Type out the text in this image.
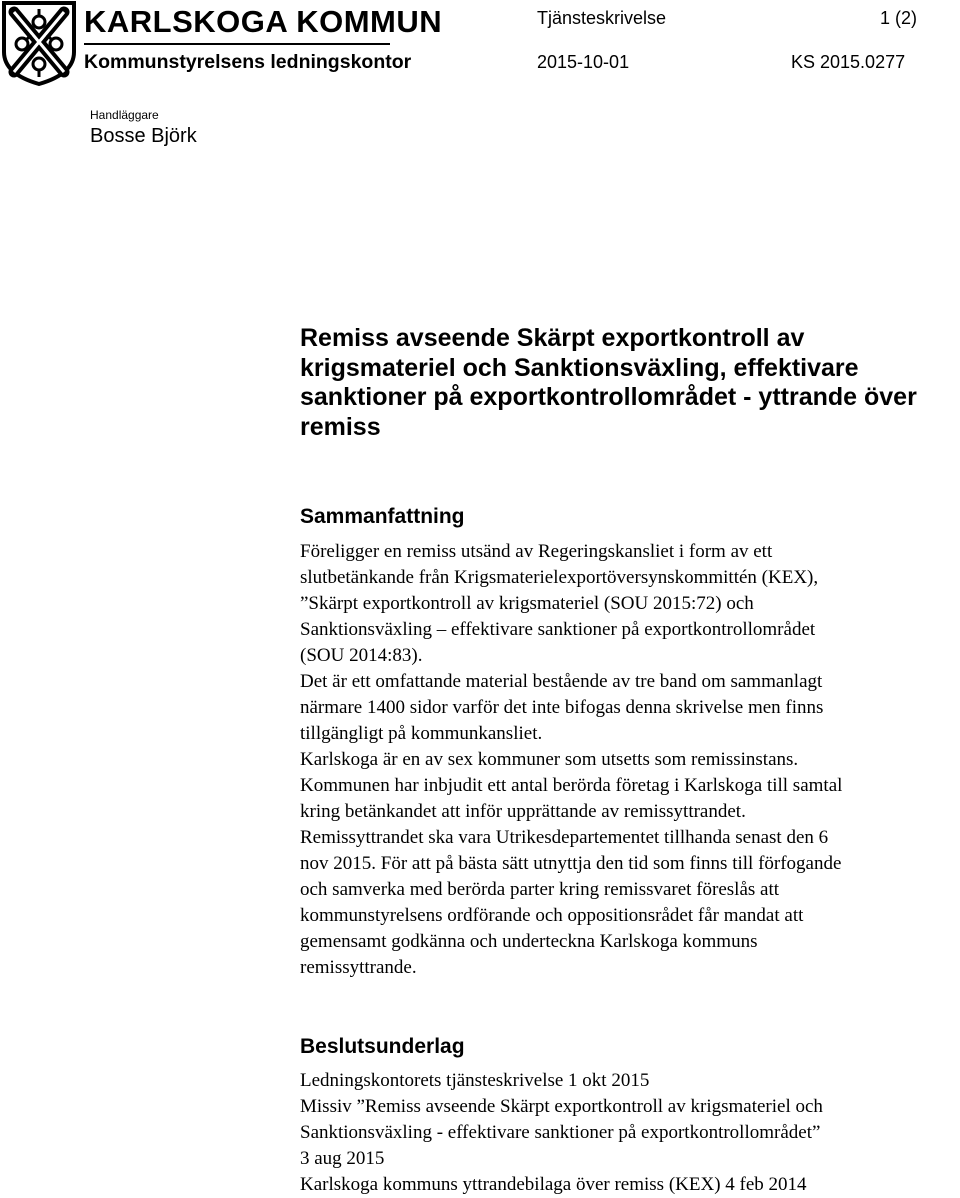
KARLSKOGA KOMMUN
Kommunstyrelsens ledningskontor
Tjänsteskrivelse	1 (2)
2015-10-01	KS 2015.0277
Handläggare
Bosse Björk
Remiss avseende Skärpt exportkontroll av
krigsmateriel och Sanktionsväxling, effektivare
sanktioner på exportkontrollområdet - yttrande över
remiss
Sammanfattning
Föreligger en remiss utsänd av Regeringskansliet i form av ett
slutbetänkande från Krigsmaterielexportöversynskommittén (KEX),
”Skärpt exportkontroll av krigsmateriel (SOU 2015:72) och
Sanktionsväxling – effektivare sanktioner på exportkontrollområdet
(SOU 2014:83).
Det är ett omfattande material bestående av tre band om sammanlagt
närmare 1400 sidor varför det inte bifogas denna skrivelse men finns
tillgängligt på kommunkansliet.
Karlskoga är en av sex kommuner som utsetts som remissinstans.
Kommunen har inbjudit ett antal berörda företag i Karlskoga till samtal
kring betänkandet att inför upprättande av remissyttrandet.
Remissyttrandet ska vara Utrikesdepartementet tillhanda senast den 6
nov 2015. För att på bästa sätt utnyttja den tid som finns till förfogande
och samverka med berörda parter kring remissvaret föreslås att
kommunstyrelsens ordförande och oppositionsrådet får mandat att
gemensamt godkänna och underteckna Karlskoga kommuns
remissyttrande.
Beslutsunderlag
Ledningskontorets tjänsteskrivelse 1 okt 2015
Missiv ”Remiss avseende Skärpt exportkontroll av krigsmateriel och
Sanktionsväxling - effektivare sanktioner på exportkontrollområdet”
3 aug 2015
Karlskoga kommuns yttrandebilaga över remiss (KEX) 4 feb 2014
